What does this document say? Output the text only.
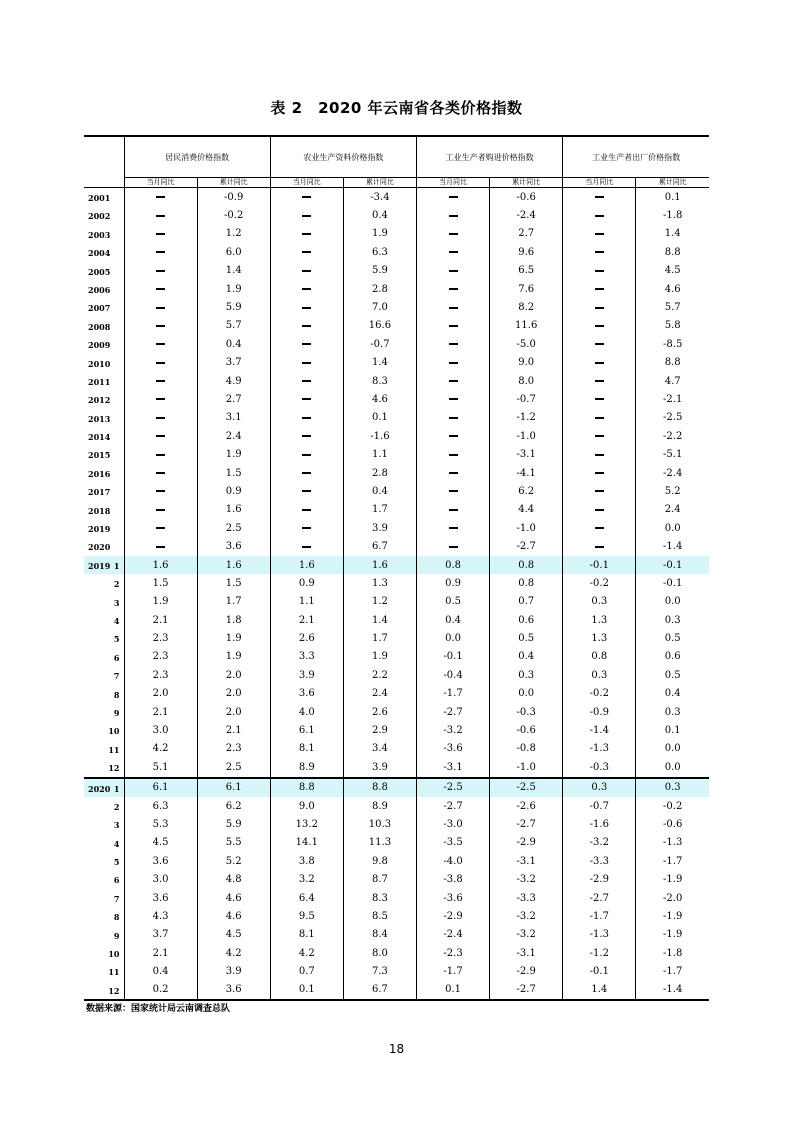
表 2　2020 年云南省各类价格指数
	居民消费价格指数		农业生产资料价格指数		工业生产者购进价格指数		工业生产者出厂价格指数	
	当月同比	累计同比	当月同比	累计同比	当月同比	累计同比	当月同比	累计同比

2001		-0.9		-3.4		-0.6		0.1

2002		-0.2		0.4		-2.4		-1.8

2003		1.2		1.9		2.7		1.4

2004		6.0		6.3		9.6		8.8

2005		1.4		5.9		6.5		4.5

2006		1.9		2.8		7.6		4.6

2007		5.9		7.0		8.2		5.7

2008		5.7		16.6		11.6		5.8

2009		0.4		-0.7		-5.0		-8.5

2010		3.7		1.4		9.0		8.8

2011		4.9		8.3		8.0		4.7

2012		2.7		4.6		-0.7		-2.1

2013		3.1		0.1		-1.2		-2.5

2014		2.4		-1.6		-1.0		-2.2

2015		1.9		1.1		-3.1		-5.1

2016		1.5		2.8		-4.1		-2.4

2017		0.9		0.4		6.2		5.2

2018		1.6		1.7		4.4		2.4

2019		2.5		3.9		-1.0		0.0

2020		3.6		6.7		-2.7		-1.4

2019 1	1.6	1.6	1.6	1.6	0.8	0.8	-0.1	-0.1

2	1.5	1.5	0.9	1.3	0.9	0.8	-0.2	-0.1

3	1.9	1.7	1.1	1.2	0.5	0.7	0.3	0.0

4	2.1	1.8	2.1	1.4	0.4	0.6	1.3	0.3

5	2.3	1.9	2.6	1.7	0.0	0.5	1.3	0.5

6	2.3	1.9	3.3	1.9	-0.1	0.4	0.8	0.6

7	2.3	2.0	3.9	2.2	-0.4	0.3	0.3	0.5

8	2.0	2.0	3.6	2.4	-1.7	0.0	-0.2	0.4

9	2.1	2.0	4.0	2.6	-2.7	-0.3	-0.9	0.3

10	3.0	2.1	6.1	2.9	-3.2	-0.6	-1.4	0.1

11	4.2	2.3	8.1	3.4	-3.6	-0.8	-1.3	0.0

12	5.1	2.5	8.9	3.9	-3.1	-1.0	-0.3	0.0

2020 1	6.1	6.1	8.8	8.8	-2.5	-2.5	0.3	0.3

2	6.3	6.2	9.0	8.9	-2.7	-2.6	-0.7	-0.2

3	5.3	5.9	13.2	10.3	-3.0	-2.7	-1.6	-0.6

4	4.5	5.5	14.1	11.3	-3.5	-2.9	-3.2	-1.3

5	3.6	5.2	3.8	9.8	-4.0	-3.1	-3.3	-1.7

6	3.0	4.8	3.2	8.7	-3.8	-3.2	-2.9	-1.9

7	3.6	4.6	6.4	8.3	-3.6	-3.3	-2.7	-2.0

8	4.3	4.6	9.5	8.5	-2.9	-3.2	-1.7	-1.9

9	3.7	4.5	8.1	8.4	-2.4	-3.2	-1.3	-1.9

10	2.1	4.2	4.2	8.0	-2.3	-3.1	-1.2	-1.8

11	0.4	3.9	0.7	7.3	-1.7	-2.9	-0.1	-1.7

12	0.2	3.6	0.1	6.7	0.1	-2.7	1.4	-1.4
数据来源：国家统计局云南调查总队
18
